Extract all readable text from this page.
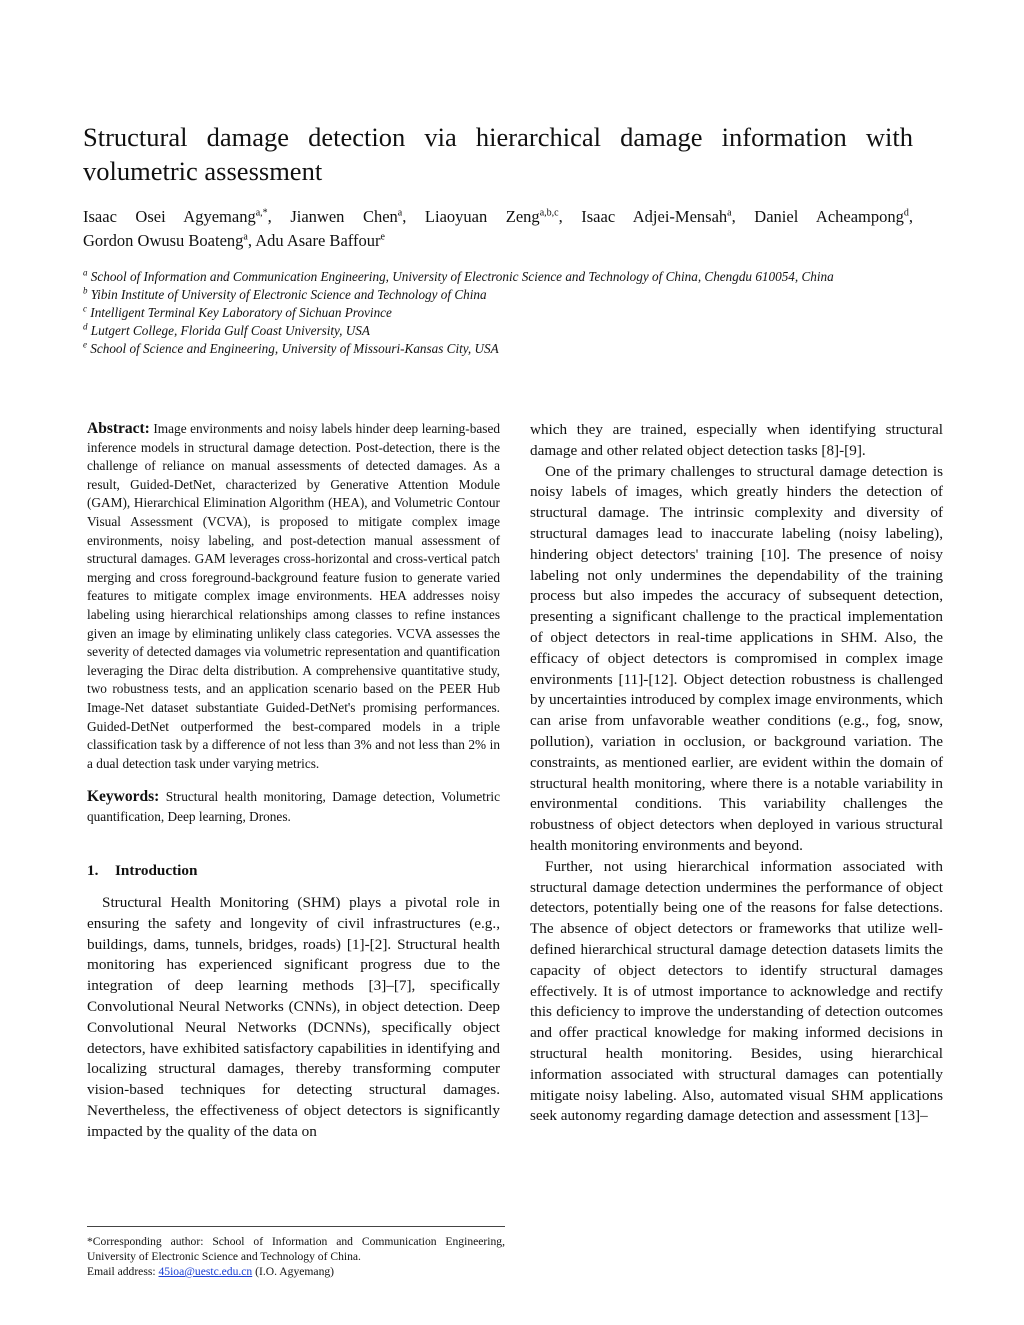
Structural damage detection via hierarchical damage information with
volumetric assessment
Isaac Osei Agyemang$^{a,*}$, Jianwen Chen$^a$, Liaoyuan Zeng$^{a,b,c}$, Isaac Adjei-Mensah$^a$, Daniel Acheampong$^d$,
Gordon Owusu Boateng$^a$, Adu Asare Baffour$^e$
$^a$ School of Information and Communication Engineering, University of Electronic Science and Technology of China, Chengdu 610054, China
$^b$ Yibin Institute of University of Electronic Science and Technology of China
$^c$ Intelligent Terminal Key Laboratory of Sichuan Province
$^d$ Lutgert College, Florida Gulf Coast University, USA
$^e$ School of Science and Engineering, University of Missouri-Kansas City, USA

Abstract: Image environments and noisy labels hinder deep learning-based inference models in structural damage detection. Post-detection, there is the challenge of reliance on manual assessments of detected damages. As a result, Guided-DetNet, characterized by Generative Attention Module (GAM), Hierarchical Elimination Algorithm (HEA), and Volumetric Contour Visual Assessment (VCVA), is proposed to mitigate complex image environments, noisy labeling, and post-detection manual assessment of structural damages. GAM leverages cross-horizontal and cross-vertical patch merging and cross foreground-background feature fusion to generate varied features to mitigate complex image environments. HEA addresses noisy labeling using hierarchical relationships among classes to refine instances given an image by eliminating unlikely class categories. VCVA assesses the severity of detected damages via volumetric representation and quantification leveraging the Dirac delta distribution. A comprehensive quantitative study, two robustness tests, and an application scenario based on the PEER Hub Image-Net dataset substantiate Guided-DetNet's promising performances. Guided-DetNet outperformed the best-compared models in a triple classification task by a difference of not less than 3% and not less than 2% in a dual detection task under varying metrics.

Keywords: Structural health monitoring, Damage detection, Volumetric quantification, Deep learning, Drones.

1. Introduction

Structural Health Monitoring (SHM) plays a pivotal role in ensuring the safety and longevity of civil infrastructures (e.g., buildings, dams, tunnels, bridges, roads) [1]-[2]. Structural health monitoring has experienced significant progress due to the integration of deep learning methods [3]–[7], specifically Convolutional Neural Networks (CNNs), in object detection. Deep Convolutional Neural Networks (DCNNs), specifically object detectors, have exhibited satisfactory capabilities in identifying and localizing structural damages, thereby transforming computer vision-based techniques for detecting structural damages. Nevertheless, the effectiveness of object detectors is significantly impacted by the quality of the data on

which they are trained, especially when identifying structural damage and other related object detection tasks [8]-[9].

One of the primary challenges to structural damage detection is noisy labels of images, which greatly hinders the detection of structural damage. The intrinsic complexity and diversity of structural damages lead to inaccurate labeling (noisy labeling), hindering object detectors' training [10]. The presence of noisy labeling not only undermines the dependability of the training process but also impedes the accuracy of subsequent detection, presenting a significant challenge to the practical implementation of object detectors in real-time applications in SHM. Also, the efficacy of object detectors is compromised in complex image environments [11]-[12]. Object detection robustness is challenged by uncertainties introduced by complex image environments, which can arise from unfavorable weather conditions (e.g., fog, snow, pollution), variation in occlusion, or background variation. The constraints, as mentioned earlier, are evident within the domain of structural health monitoring, where there is a notable variability in environmental conditions. This variability challenges the robustness of object detectors when deployed in various structural health monitoring environments and beyond.

Further, not using hierarchical information associated with structural damage detection undermines the performance of object detectors, potentially being one of the reasons for false detections. The absence of object detectors or frameworks that utilize well-defined hierarchical structural damage detection datasets limits the capacity of object detectors to identify structural damages effectively. It is of utmost importance to acknowledge and rectify this deficiency to improve the understanding of detection outcomes and offer practical knowledge for making informed decisions in structural health monitoring. Besides, using hierarchical information associated with structural damages can potentially mitigate noisy labeling. Also, automated visual SHM applications seek autonomy regarding damage detection and assessment [13]–

*Corresponding author: School of Information and Communication Engineering, University of Electronic Science and Technology of China.

Email address: 45ioa@uestc.edu.cn (I.O. Agyemang)
